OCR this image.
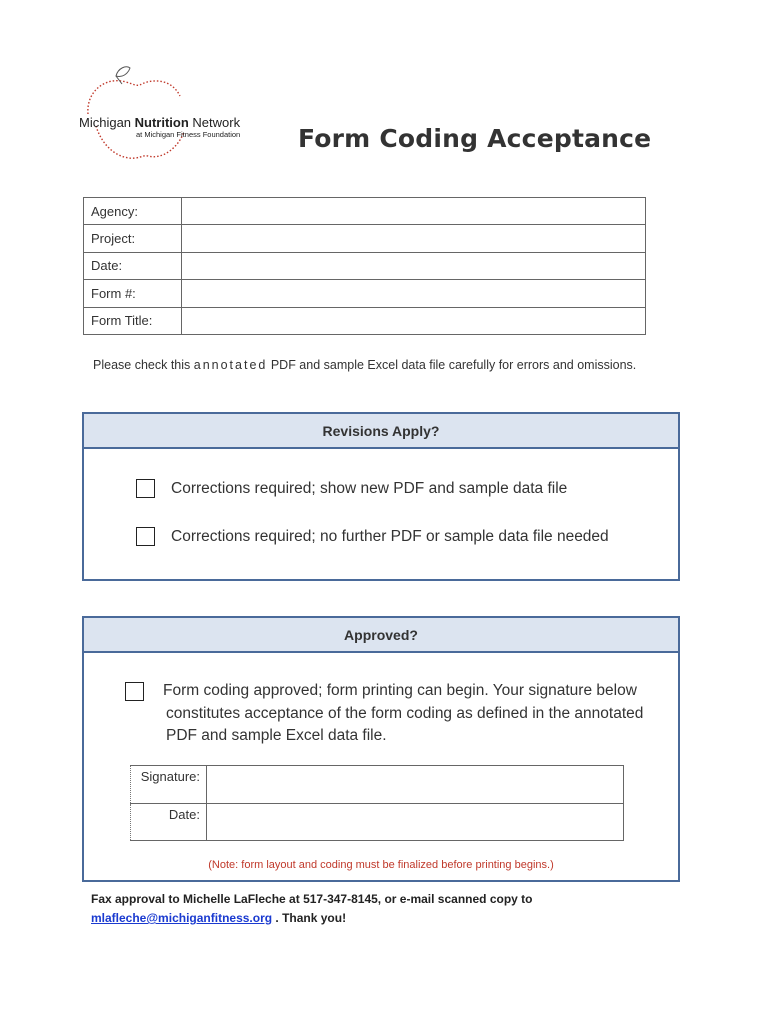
Michigan Nutrition Network
at Michigan Fitness Foundation Form Coding Acceptance
Agency:	
Project:	
Date:	
Form #:	
Form Title:	
Please check this annotated PDF and sample Excel data file carefully for errors and omissions.
Revisions Apply?
Corrections required; show new PDF and sample data file
Corrections required; no further PDF or sample data file needed
Approved?
Form coding approved; form printing can begin. Your signature below
constitutes acceptance of the form coding as defined in the annotated
PDF and sample Excel data file.
Signature:	
Date:	
(Note: form layout and coding must be finalized before printing begins.)
Fax approval to Michelle LaFleche at 517-347-8145, or e-mail scanned copy to
mlafleche@michiganfitness.org . Thank you!
